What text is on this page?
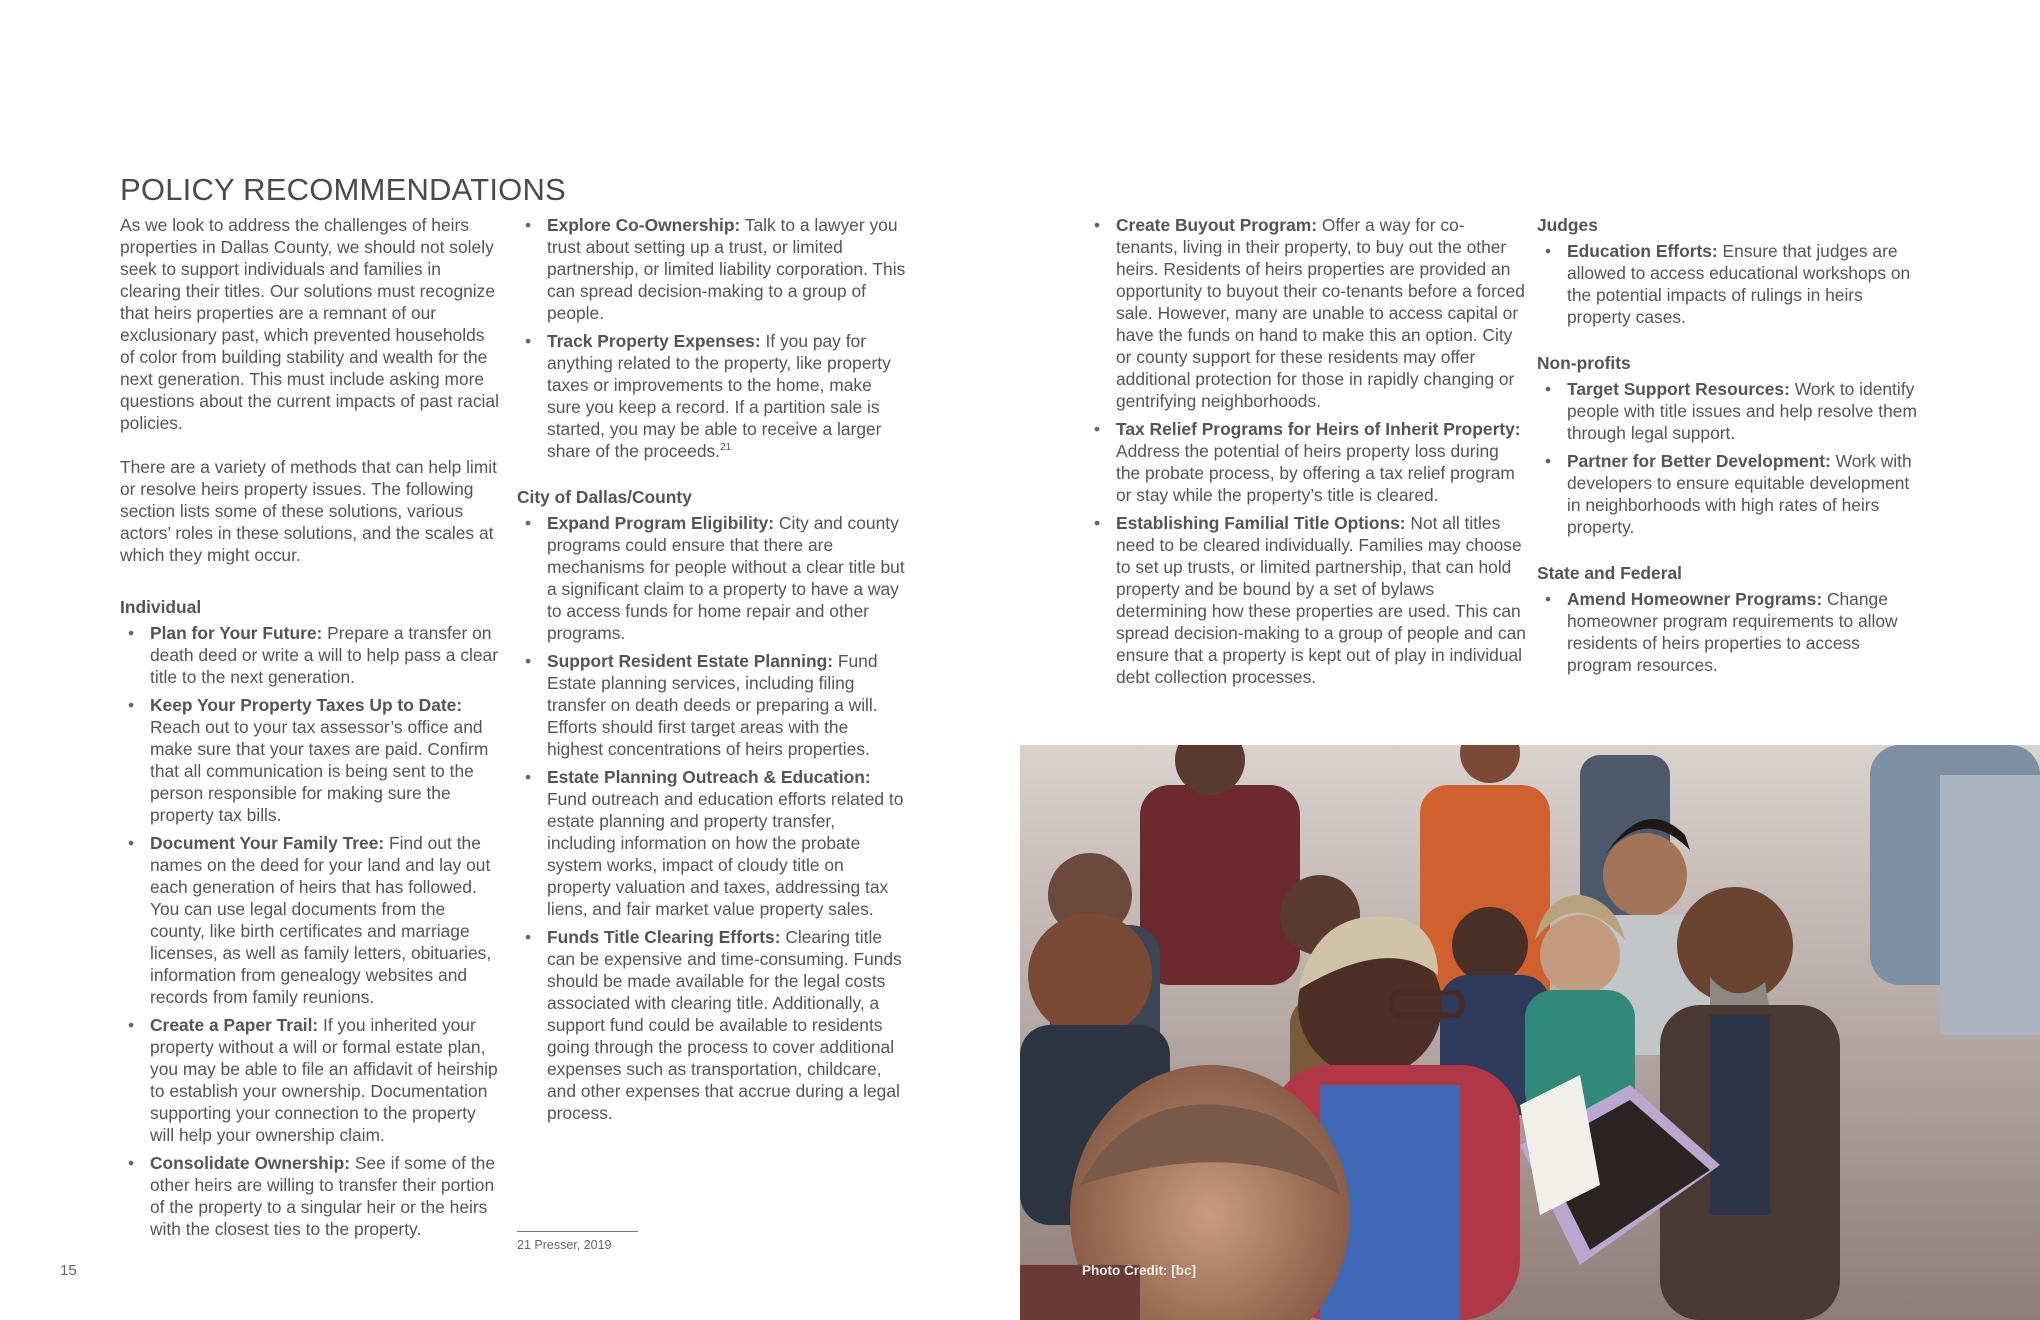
POLICY RECOMMENDATIONS

As we look to address the challenges of heirs properties in Dallas County, we should not solely seek to support individuals and families in clearing their titles. Our solutions must recognize that heirs properties are a remnant of our exclusionary past, which prevented households of color from building stability and wealth for the next generation. This must include asking more questions about the current impacts of past racial policies.

There are a variety of methods that can help limit or resolve heirs property issues. The following section lists some of these solutions, various actors’ roles in these solutions, and the scales at which they might occur.

Individual
• Plan for Your Future: Prepare a transfer on death deed or write a will to help pass a clear title to the next generation.
• Keep Your Property Taxes Up to Date: Reach out to your tax assessor’s office and make sure that your taxes are paid. Confirm that all communication is being sent to the person responsible for making sure the property tax bills.
• Document Your Family Tree: Find out the names on the deed for your land and lay out each generation of heirs that has followed. You can use legal documents from the county, like birth certificates and marriage licenses, as well as family letters, obituaries, information from genealogy websites and records from family reunions.
• Create a Paper Trail: If you inherited your property without a will or formal estate plan, you may be able to file an affidavit of heirship to establish your ownership. Documentation supporting your connection to the property will help your ownership claim.
• Consolidate Ownership: See if some of the other heirs are willing to transfer their portion of the property to a singular heir or the heirs with the closest ties to the property.
• Explore Co-Ownership: Talk to a lawyer you trust about setting up a trust, or limited partnership, or limited liability corporation. This can spread decision-making to a group of people.
• Track Property Expenses: If you pay for anything related to the property, like property taxes or improvements to the home, make sure you keep a record. If a partition sale is started, you may be able to receive a larger share of the proceeds.$^{21}$
City of Dallas/County
• Expand Program Eligibility: City and county programs could ensure that there are mechanisms for people without a clear title but a significant claim to a property to have a way to access funds for home repair and other programs.
• Support Resident Estate Planning: Fund Estate planning services, including filing transfer on death deeds or preparing a will. Efforts should first target areas with the highest concentrations of heirs properties.
• Estate Planning Outreach & Education: Fund outreach and education efforts related to estate planning and property transfer, including information on how the probate system works, impact of cloudy title on property valuation and taxes, addressing tax liens, and fair market value property sales.
• Funds Title Clearing Efforts: Clearing title can be expensive and time-consuming. Funds should be made available for the legal costs associated with clearing title. Additionally, a support fund could be available to residents going through the process to cover additional expenses such as transportation, childcare, and other expenses that accrue during a legal process.
• Create Buyout Program: Offer a way for co-tenants, living in their property, to buy out the other heirs. Residents of heirs properties are provided an opportunity to buyout their co-tenants before a forced sale. However, many are unable to access capital or have the funds on hand to make this an option. City or county support for these residents may offer additional protection for those in rapidly changing or gentrifying neighborhoods.
• Tax Relief Programs for Heirs of Inherit Property: Address the potential of heirs property loss during the probate process, by offering a tax relief program or stay while the property’s title is cleared.
• Establishing Familial Title Options: Not all titles need to be cleared individually. Families may choose to set up trusts, or limited partnership, that can hold property and be bound by a set of bylaws determining how these properties are used. This can spread decision-making to a group of people and can ensure that a property is kept out of play in individual debt collection processes.
Judges
• Education Efforts: Ensure that judges are allowed to access educational workshops on the potential impacts of rulings in heirs property cases.
Non-profits
• Target Support Resources: Work to identify people with title issues and help resolve them through legal support.
• Partner for Better Development: Work with developers to ensure equitable development in neighborhoods with high rates of heirs property.
State and Federal
• Amend Homeowner Programs: Change homeowner program requirements to allow residents of heirs properties to access program resources.
21 Presser, 2019
15	Photo Credit: [bc]
